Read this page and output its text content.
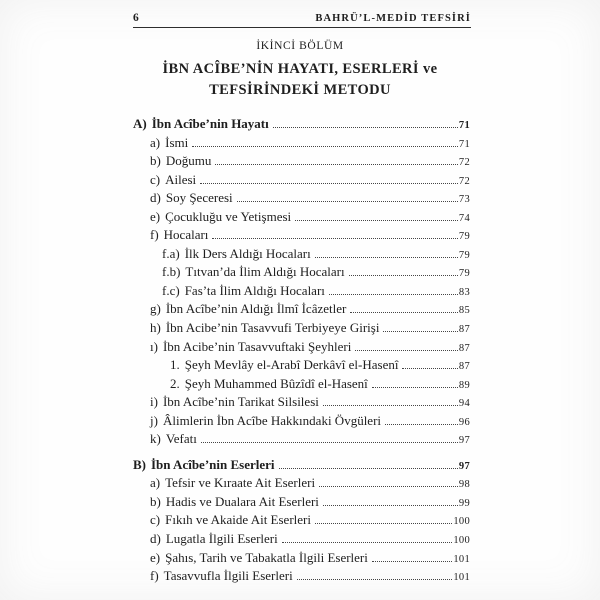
6	BAHRÜ’L-MEDİD TEFSİRİ
İKİNCİ BÖLÜM
İBN ACÎBE’NİN HAYATI, ESERLERİ ve
TEFSİRİNDEKİ METODU
A) İbn Acîbe’nin Hayatı	71
a) İsmi	71
b) Doğumu	72
c) Ailesi	72
d) Soy Şeceresi	73
e) Çocukluğu ve Yetişmesi	74
f) Hocaları	79
f.a) İlk Ders Aldığı Hocaları	79
f.b) Tıtvan’da İlim Aldığı Hocaları	79
f.c) Fas’ta İlim Aldığı Hocaları	83
g) İbn Acîbe’nin Aldığı İlmî İcâzetler	85
h) İbn Acibe’nin Tasavvufi Terbiyeye Girişi	87
ı) İbn Acibe’nin Tasavvuftaki Şeyhleri	87
1. Şeyh Mevlây el-Arabî Derkâvî el-Hasenî	87
2. Şeyh Muhammed Bûzîdî el-Hasenî	89
i) İbn Acîbe’nin Tarikat Silsilesi	94
j) Âlimlerin İbn Acîbe Hakkındaki Övgüleri	96
k) Vefatı	97
B) İbn Acîbe’nin Eserleri	97
a) Tefsir ve Kıraate Ait Eserleri	98
b) Hadis ve Dualara Ait Eserleri	99
c) Fıkıh ve Akaide Ait Eserleri	100
d) Lugatla İlgili Eserleri	100
e) Şahıs, Tarih ve Tabakatla İlgili Eserleri	101
f) Tasavvufla İlgili Eserleri	101
